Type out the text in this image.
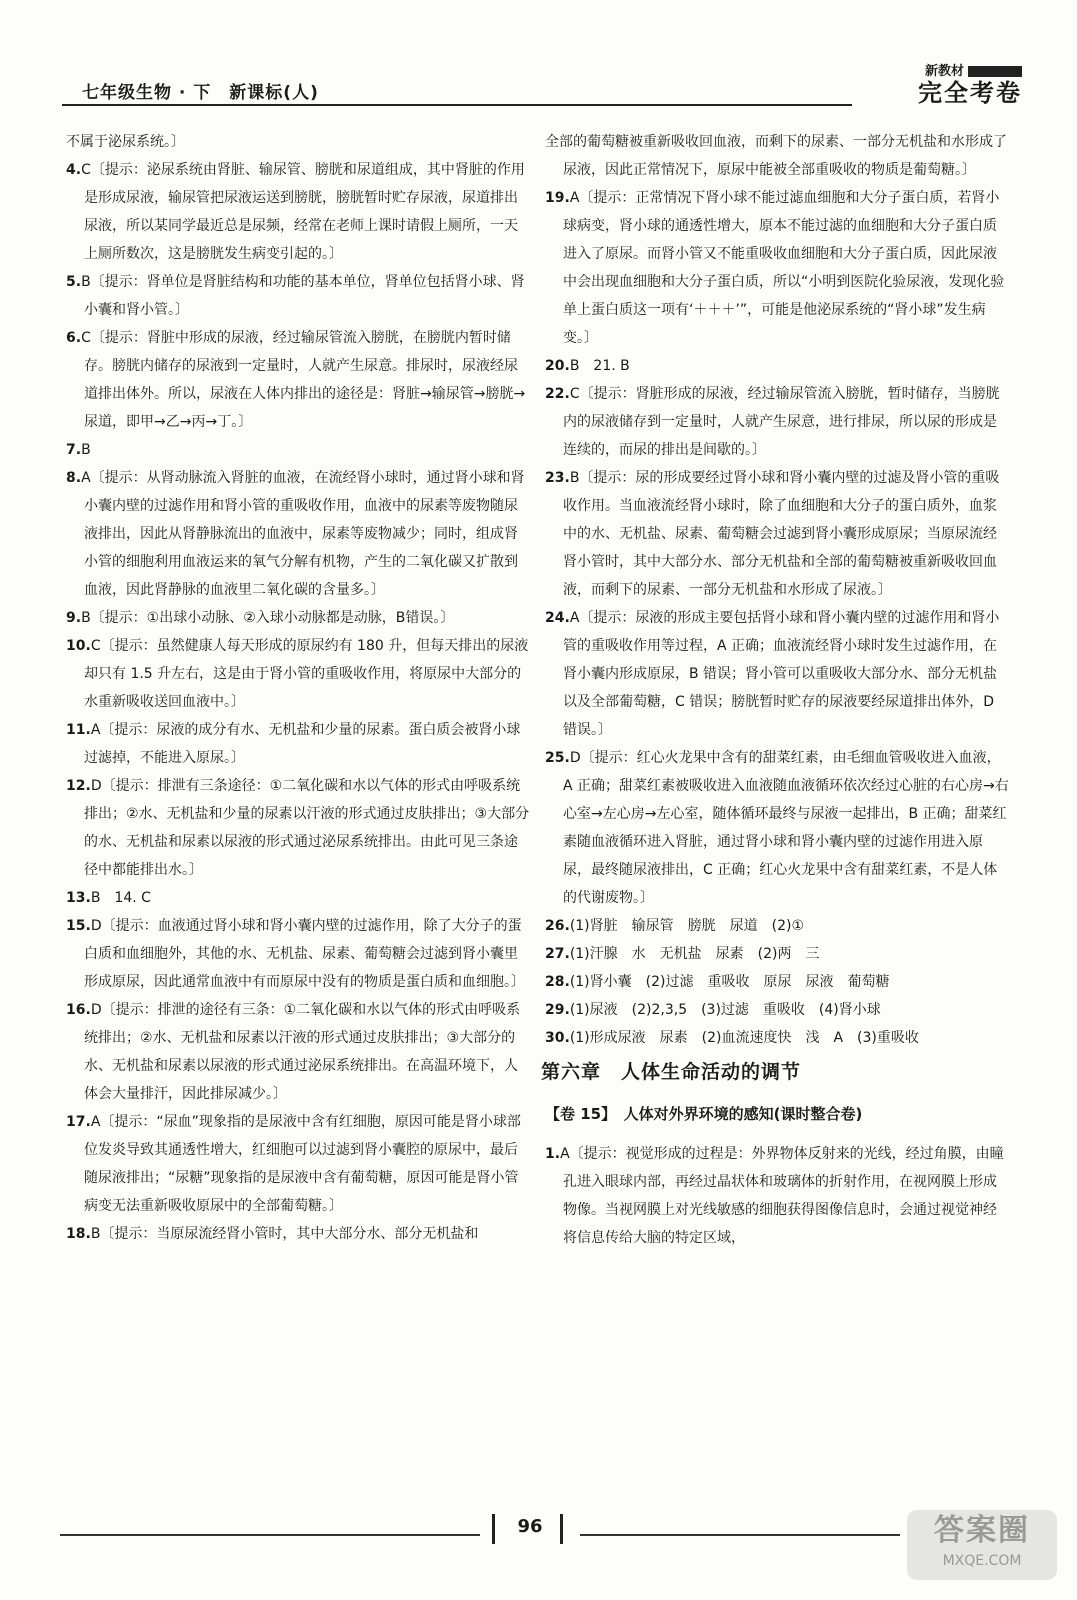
七年级生物 · 下　新课标(人)
新教材
完全考卷

不属于泌尿系统。〕

4.C〔提示：泌尿系统由肾脏、输尿管、膀胱和尿道组成，其中肾脏的作用是形成尿液，输尿管把尿液运送到膀胱，膀胱暂时贮存尿液，尿道排出尿液，所以某同学最近总是尿频，经常在老师上课时请假上厕所，一天上厕所数次，这是膀胱发生病变引起的。〕

5.B〔提示：肾单位是肾脏结构和功能的基本单位，肾单位包括肾小球、肾小囊和肾小管。〕

6.C〔提示：肾脏中形成的尿液，经过输尿管流入膀胱，在膀胱内暂时储存。膀胱内储存的尿液到一定量时，人就产生尿意。排尿时，尿液经尿道排出体外。所以，尿液在人体内排出的途径是：肾脏→输尿管→膀胱→尿道，即甲→乙→丙→丁。〕

7.B

8.A〔提示：从肾动脉流入肾脏的血液，在流经肾小球时，通过肾小球和肾小囊内壁的过滤作用和肾小管的重吸收作用，血液中的尿素等废物随尿液排出，因此从肾静脉流出的血液中，尿素等废物减少；同时，组成肾小管的细胞利用血液运来的氧气分解有机物，产生的二氧化碳又扩散到血液，因此肾静脉的血液里二氧化碳的含量多。〕

9.B〔提示：①出球小动脉、②入球小动脉都是动脉，B错误。〕

10.C〔提示：虽然健康人每天形成的原尿约有 180 升，但每天排出的尿液却只有 1.5 升左右，这是由于肾小管的重吸收作用，将原尿中大部分的水重新吸收送回血液中。〕

11.A〔提示：尿液的成分有水、无机盐和少量的尿素。蛋白质会被肾小球过滤掉，不能进入原尿。〕

12.D〔提示：排泄有三条途径：①二氧化碳和水以气体的形式由呼吸系统排出；②水、无机盐和少量的尿素以汗液的形式通过皮肤排出；③大部分的水、无机盐和尿素以尿液的形式通过泌尿系统排出。由此可见三条途径中都能排出水。〕

13.B　14. C

15.D〔提示：血液通过肾小球和肾小囊内壁的过滤作用，除了大分子的蛋白质和血细胞外，其他的水、无机盐、尿素、葡萄糖会过滤到肾小囊里形成原尿，因此通常血液中有而原尿中没有的物质是蛋白质和血细胞。〕

16.D〔提示：排泄的途径有三条：①二氧化碳和水以气体的形式由呼吸系统排出；②水、无机盐和尿素以汗液的形式通过皮肤排出；③大部分的水、无机盐和尿素以尿液的形式通过泌尿系统排出。在高温环境下，人体会大量排汗，因此排尿减少。〕

17.A〔提示：“尿血”现象指的是尿液中含有红细胞，原因可能是肾小球部位发炎导致其通透性增大，红细胞可以过滤到肾小囊腔的原尿中，最后随尿液排出；“尿糖”现象指的是尿液中含有葡萄糖，原因可能是肾小管病变无法重新吸收原尿中的全部葡萄糖。〕

18.B〔提示：当原尿流经肾小管时，其中大部分水、部分无机盐和

全部的葡萄糖被重新吸收回血液，而剩下的尿素、一部分无机盐和水形成了尿液，因此正常情况下，原尿中能被全部重吸收的物质是葡萄糖。〕

19.A〔提示：正常情况下肾小球不能过滤血细胞和大分子蛋白质，若肾小球病变，肾小球的通透性增大，原本不能过滤的血细胞和大分子蛋白质进入了原尿。而肾小管又不能重吸收血细胞和大分子蛋白质，因此尿液中会出现血细胞和大分子蛋白质，所以“小明到医院化验尿液，发现化验单上蛋白质这一项有‘＋＋＋’”，可能是他泌尿系统的“肾小球”发生病变。〕

20.B　21. B

22.C〔提示：肾脏形成的尿液，经过输尿管流入膀胱，暂时储存，当膀胱内的尿液储存到一定量时，人就产生尿意，进行排尿，所以尿的形成是连续的，而尿的排出是间歇的。〕

23.B〔提示：尿的形成要经过肾小球和肾小囊内壁的过滤及肾小管的重吸收作用。当血液流经肾小球时，除了血细胞和大分子的蛋白质外，血浆中的水、无机盐、尿素、葡萄糖会过滤到肾小囊形成原尿；当原尿流经肾小管时，其中大部分水、部分无机盐和全部的葡萄糖被重新吸收回血液，而剩下的尿素、一部分无机盐和水形成了尿液。〕

24.A〔提示：尿液的形成主要包括肾小球和肾小囊内壁的过滤作用和肾小管的重吸收作用等过程，A 正确；血液流经肾小球时发生过滤作用，在肾小囊内形成原尿，B 错误；肾小管可以重吸收大部分水、部分无机盐以及全部葡萄糖，C 错误；膀胱暂时贮存的尿液要经尿道排出体外，D 错误。〕

25.D〔提示：红心火龙果中含有的甜菜红素，由毛细血管吸收进入血液，A 正确；甜菜红素被吸收进入血液随血液循环依次经过心脏的右心房→右心室→左心房→左心室，随体循环最终与尿液一起排出，B 正确；甜菜红素随血液循环进入肾脏，通过肾小球和肾小囊内壁的过滤作用进入原尿，最终随尿液排出，C 正确；红心火龙果中含有甜菜红素，不是人体的代谢废物。〕

26.(1)肾脏　输尿管　膀胱　尿道　(2)①

27.(1)汗腺　水　无机盐　尿素　(2)两　三

28.(1)肾小囊　(2)过滤　重吸收　原尿　尿液　葡萄糖

29.(1)尿液　(2)2,3,5　(3)过滤　重吸收　(4)肾小球

30.(1)形成尿液　尿素　(2)血流速度快　浅　A　(3)重吸收

第六章　人体生命活动的调节
【卷 15】　人体对外界环境的感知(课时整合卷)

1.A〔提示：视觉形成的过程是：外界物体反射来的光线，经过角膜，由瞳孔进入眼球内部，再经过晶状体和玻璃体的折射作用，在视网膜上形成物像。当视网膜上对光线敏感的细胞获得图像信息时，会通过视觉神经将信息传给大脑的特定区域，

96	答案圈
MXQE.COM
